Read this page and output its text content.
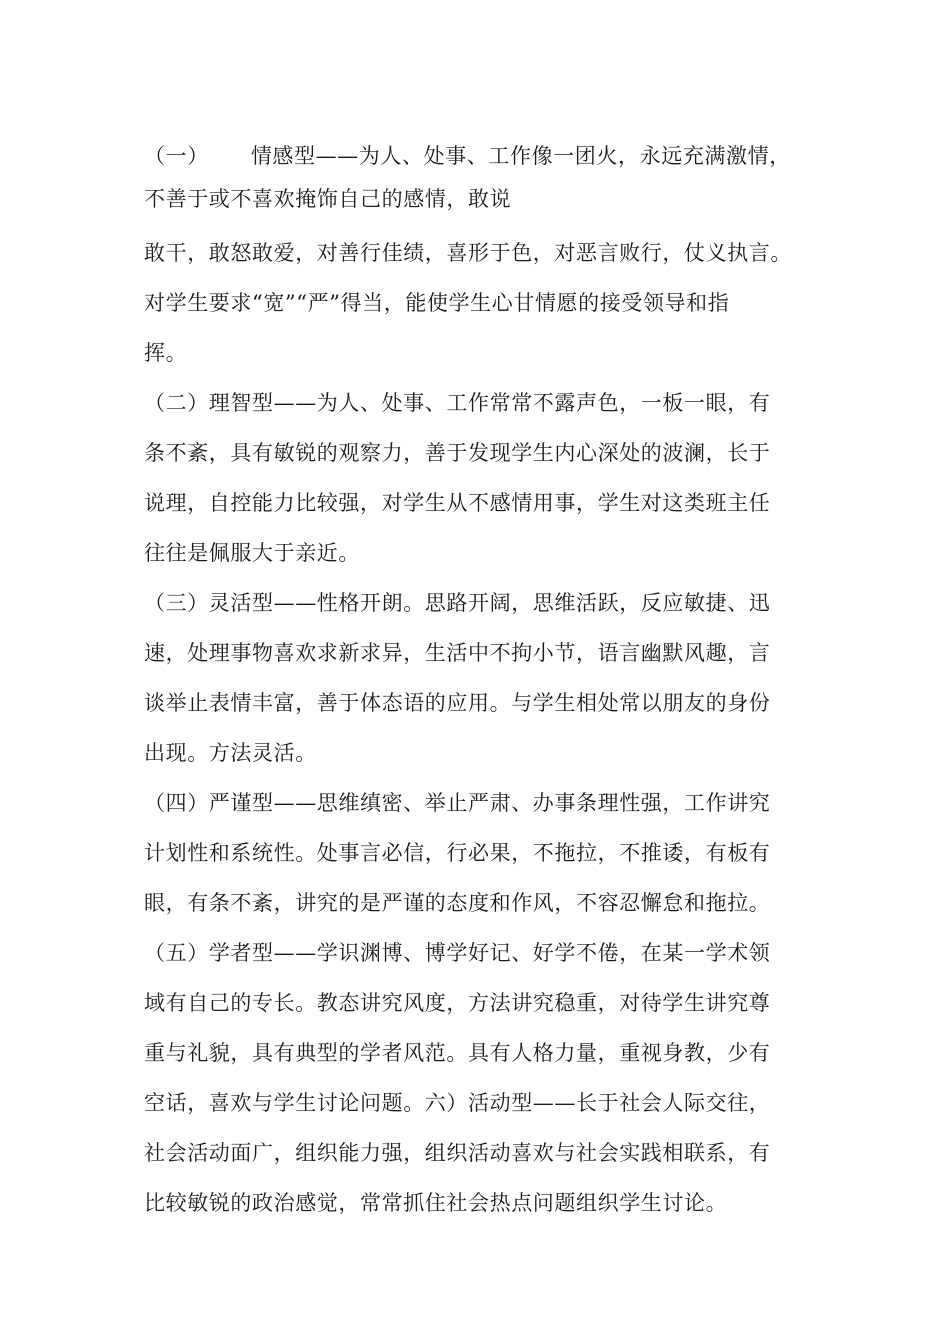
（一） 情感型——为人、处事、工作像一团火，永远充满激情，
不善于或不喜欢掩饰自己的感情，敢说
敢干，敢怒敢爱，对善行佳绩，喜形于色，对恶言败行，仗义执言。
对学生要求“宽”“严”得当，能使学生心甘情愿的接受领导和指
挥。
（二）理智型——为人、处事、工作常常不露声色，一板一眼，有
条不紊，具有敏锐的观察力，善于发现学生内心深处的波澜，长于
说理，自控能力比较强，对学生从不感情用事，学生对这类班主任
往往是佩服大于亲近。
（三）灵活型——性格开朗。思路开阔，思维活跃，反应敏捷、迅
速，处理事物喜欢求新求异，生活中不拘小节，语言幽默风趣，言
谈举止表情丰富，善于体态语的应用。与学生相处常以朋友的身份
出现。方法灵活。
（四）严谨型——思维缜密、举止严肃、办事条理性强，工作讲究
计划性和系统性。处事言必信，行必果，不拖拉，不推诿，有板有
眼，有条不紊，讲究的是严谨的态度和作风，不容忍懈怠和拖拉。
（五）学者型——学识渊博、博学好记、好学不倦，在某一学术领
域有自己的专长。教态讲究风度，方法讲究稳重，对待学生讲究尊
重与礼貌，具有典型的学者风范。具有人格力量，重视身教，少有
空话，喜欢与学生讨论问题。六）活动型——长于社会人际交往，
社会活动面广，组织能力强，组织活动喜欢与社会实践相联系，有
比较敏锐的政治感觉，常常抓住社会热点问题组织学生讨论。
